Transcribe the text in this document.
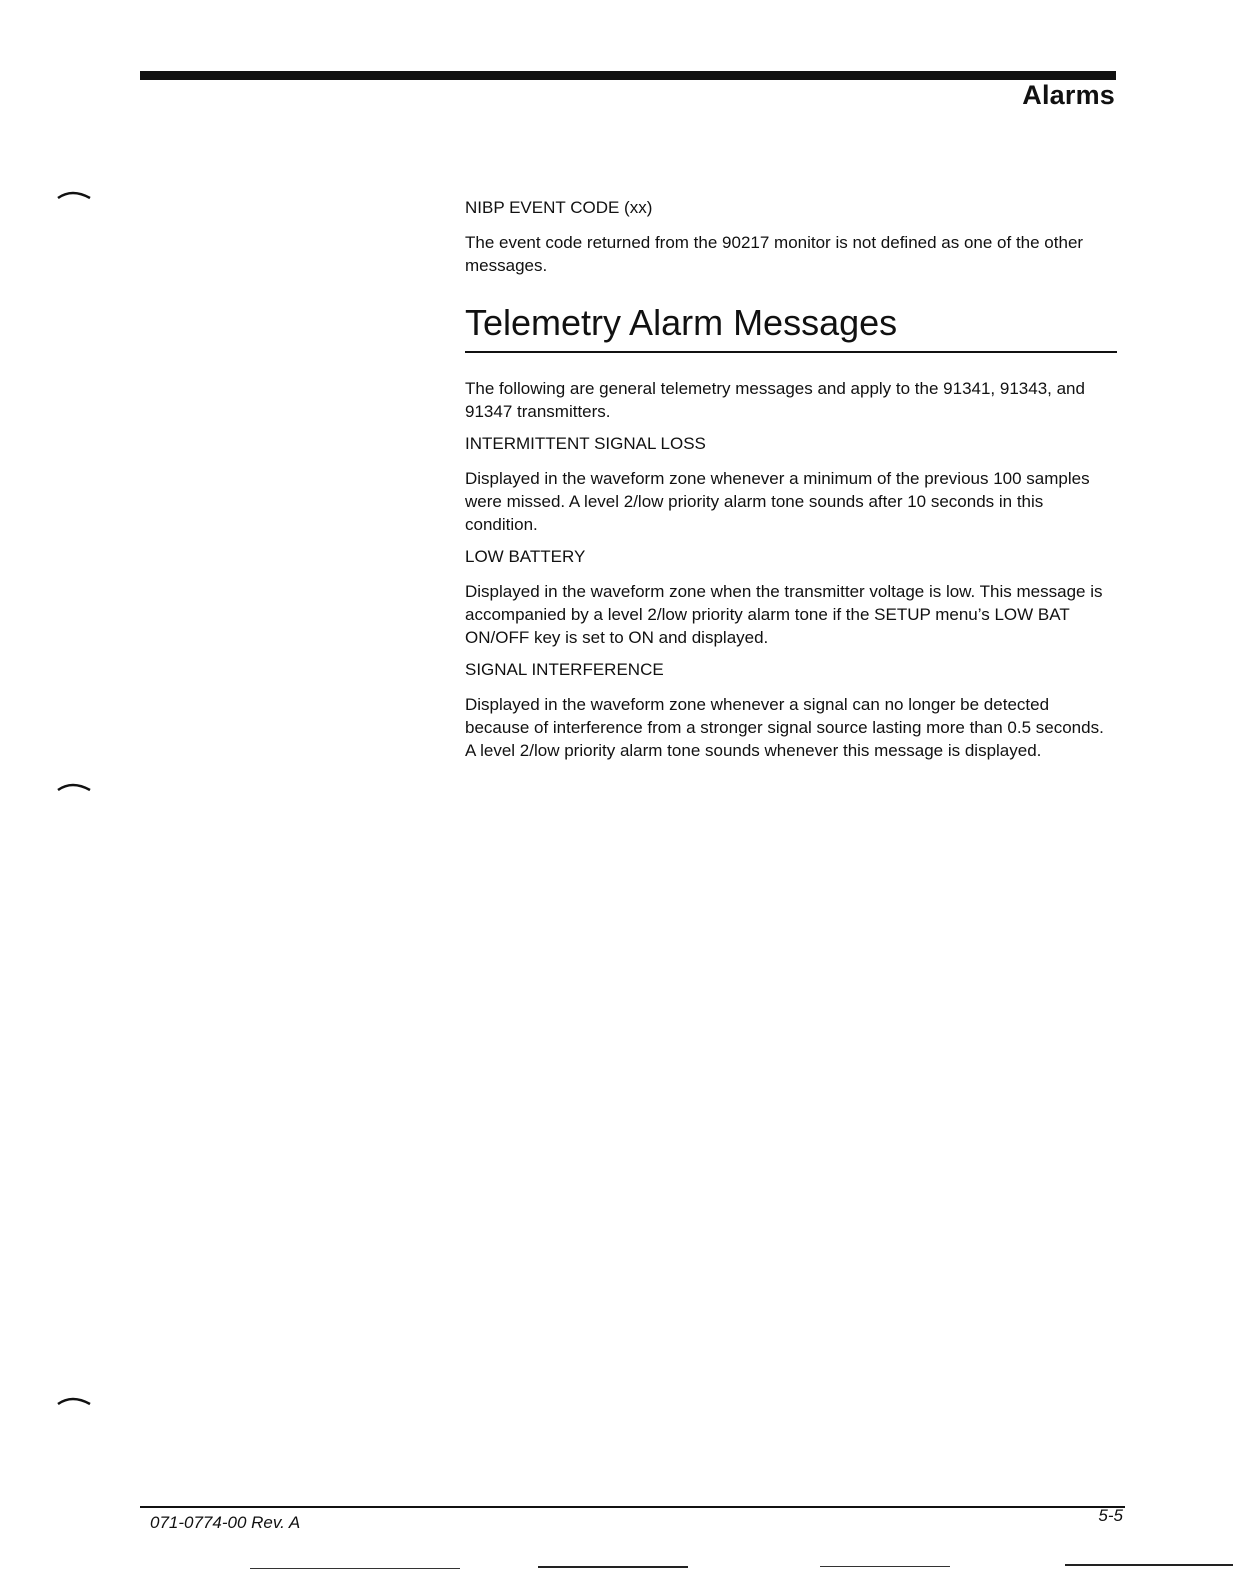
Alarms

NIBP EVENT CODE (xx)

The event code returned from the 90217 monitor is not defined as one of the other messages.

Telemetry Alarm Messages

The following are general telemetry messages and apply to the 91341, 91343, and 91347 transmitters.

INTERMITTENT SIGNAL LOSS

Displayed in the waveform zone whenever a minimum of the previous 100 samples were missed. A level 2/low priority alarm tone sounds after 10 seconds in this condition.

LOW BATTERY

Displayed in the waveform zone when the transmitter voltage is low. This message is accompanied by a level 2/low priority alarm tone if the SETUP menu’s LOW BAT ON/OFF key is set to ON and displayed.

SIGNAL INTERFERENCE

Displayed in the waveform zone whenever a signal can no longer be detected because of interference from a stronger signal source lasting more than 0.5 seconds. A level 2/low priority alarm tone sounds whenever this message is displayed.

071-0774-00 Rev. A	5-5
